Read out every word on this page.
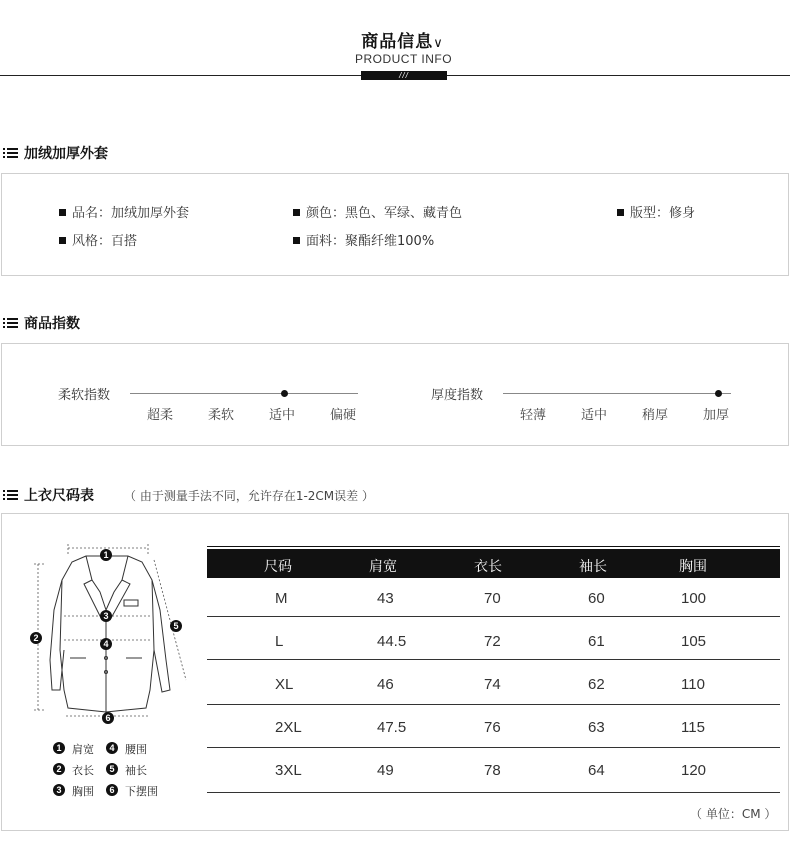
商品信息∨
PRODUCT INFO
///
加绒加厚外套
品名：加绒加厚外套	颜色：黑色、军绿、藏青色	版型：修身
风格：百搭	面料：聚酯纤维100%
商品指数
柔软指数
超柔	柔软	适中	偏硬
厚度指数
轻薄	适中	稍厚	加厚
上衣尺码表	（ 由于测量手法不同，允许存在1-2CM误差 ）
1
2
3
4
5
6
1 肩宽	4 腰围
2 衣长	5 袖长
3 胸围	6 下摆围
尺码	肩宽	衣长	袖长	胸围
M	43	70	60	100
L	44.5	72	61	105
XL	46	74	62	110
2XL	47.5	76	63	115
3XL	49	78	64	120
（ 单位：CM ）
